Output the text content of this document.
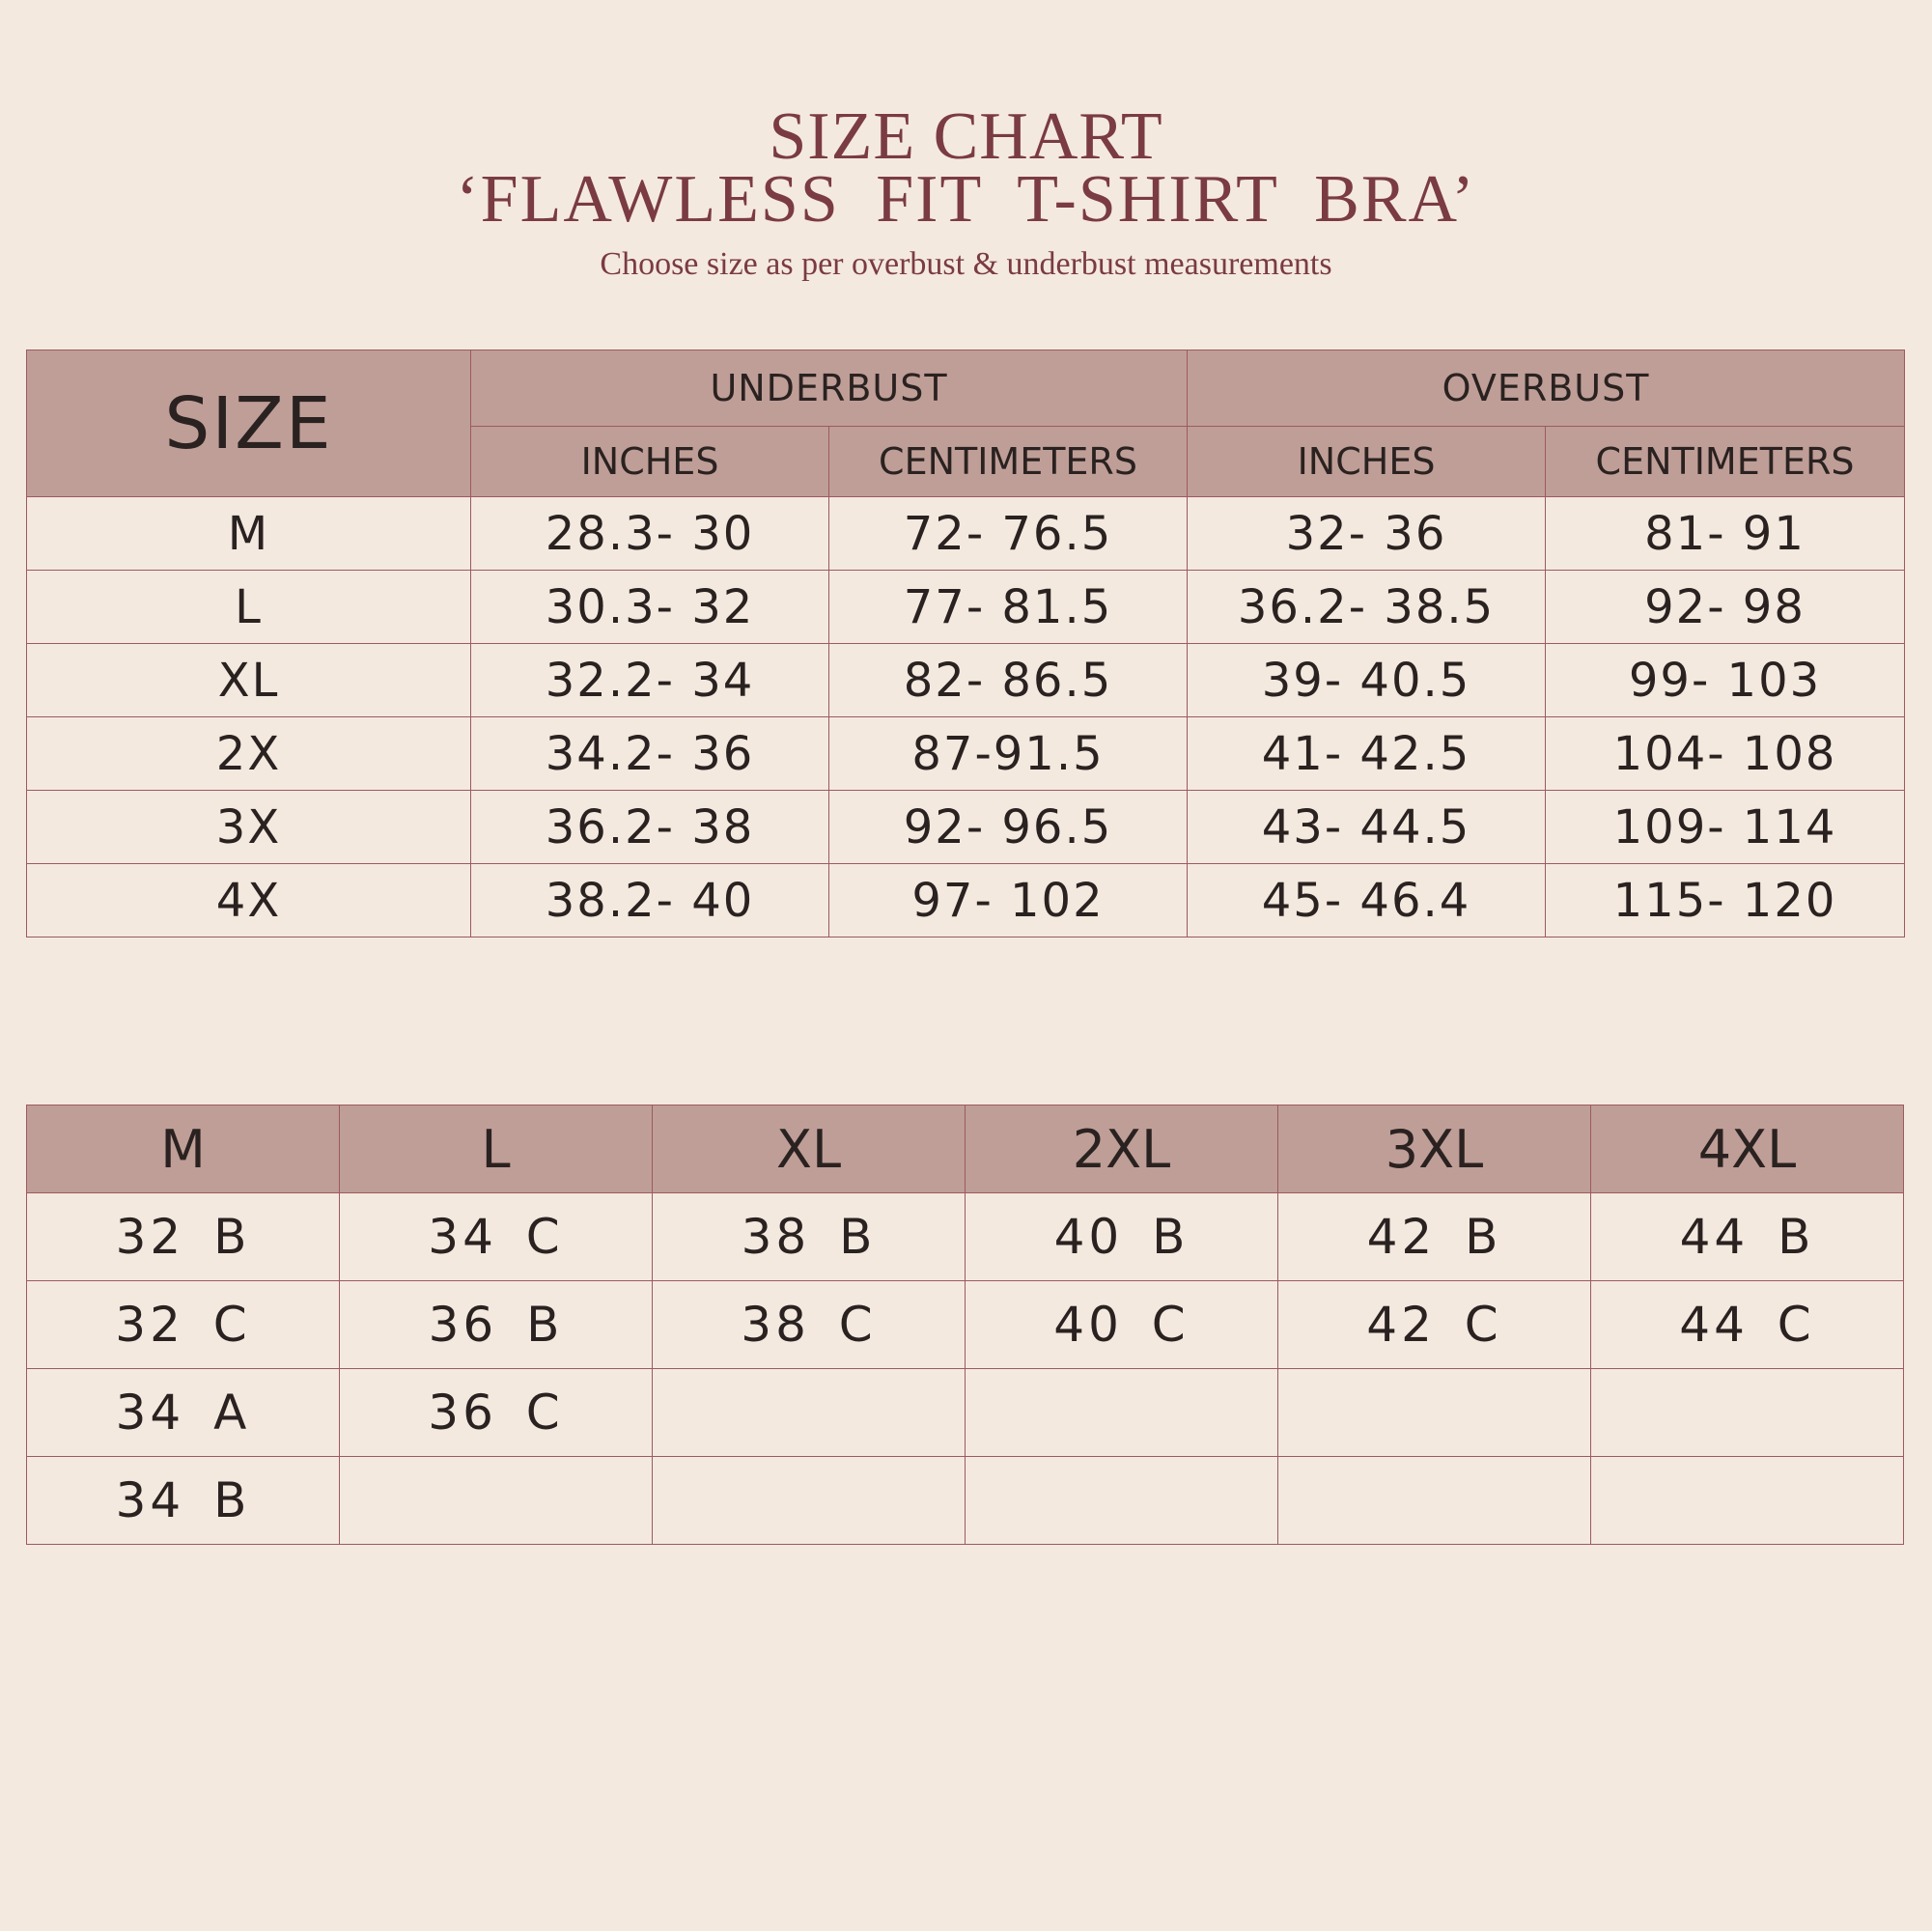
SIZE CHART
‘FLAWLESS FIT T-SHIRT BRA’
Choose size as per overbust & underbust measurements
SIZE	UNDERBUST		OVERBUST	
	INCHES	CENTIMETERS	INCHES	CENTIMETERS
M	28.3- 30	72- 76.5	32- 36	81- 91
L	30.3- 32	77- 81.5	36.2- 38.5	92- 98
XL	32.2- 34	82- 86.5	39- 40.5	99- 103
2X	34.2- 36	87-91.5	41- 42.5	104- 108
3X	36.2- 38	92- 96.5	43- 44.5	109- 114
4X	38.2- 40	97- 102	45- 46.4	115- 120
M	L	XL	2XL	3XL	4XL
32 B	34 C	38 B	40 B	42 B	44 B
32 C	36 B	38 C	40 C	42 C	44 C
34 A	36 C				
34 B					
